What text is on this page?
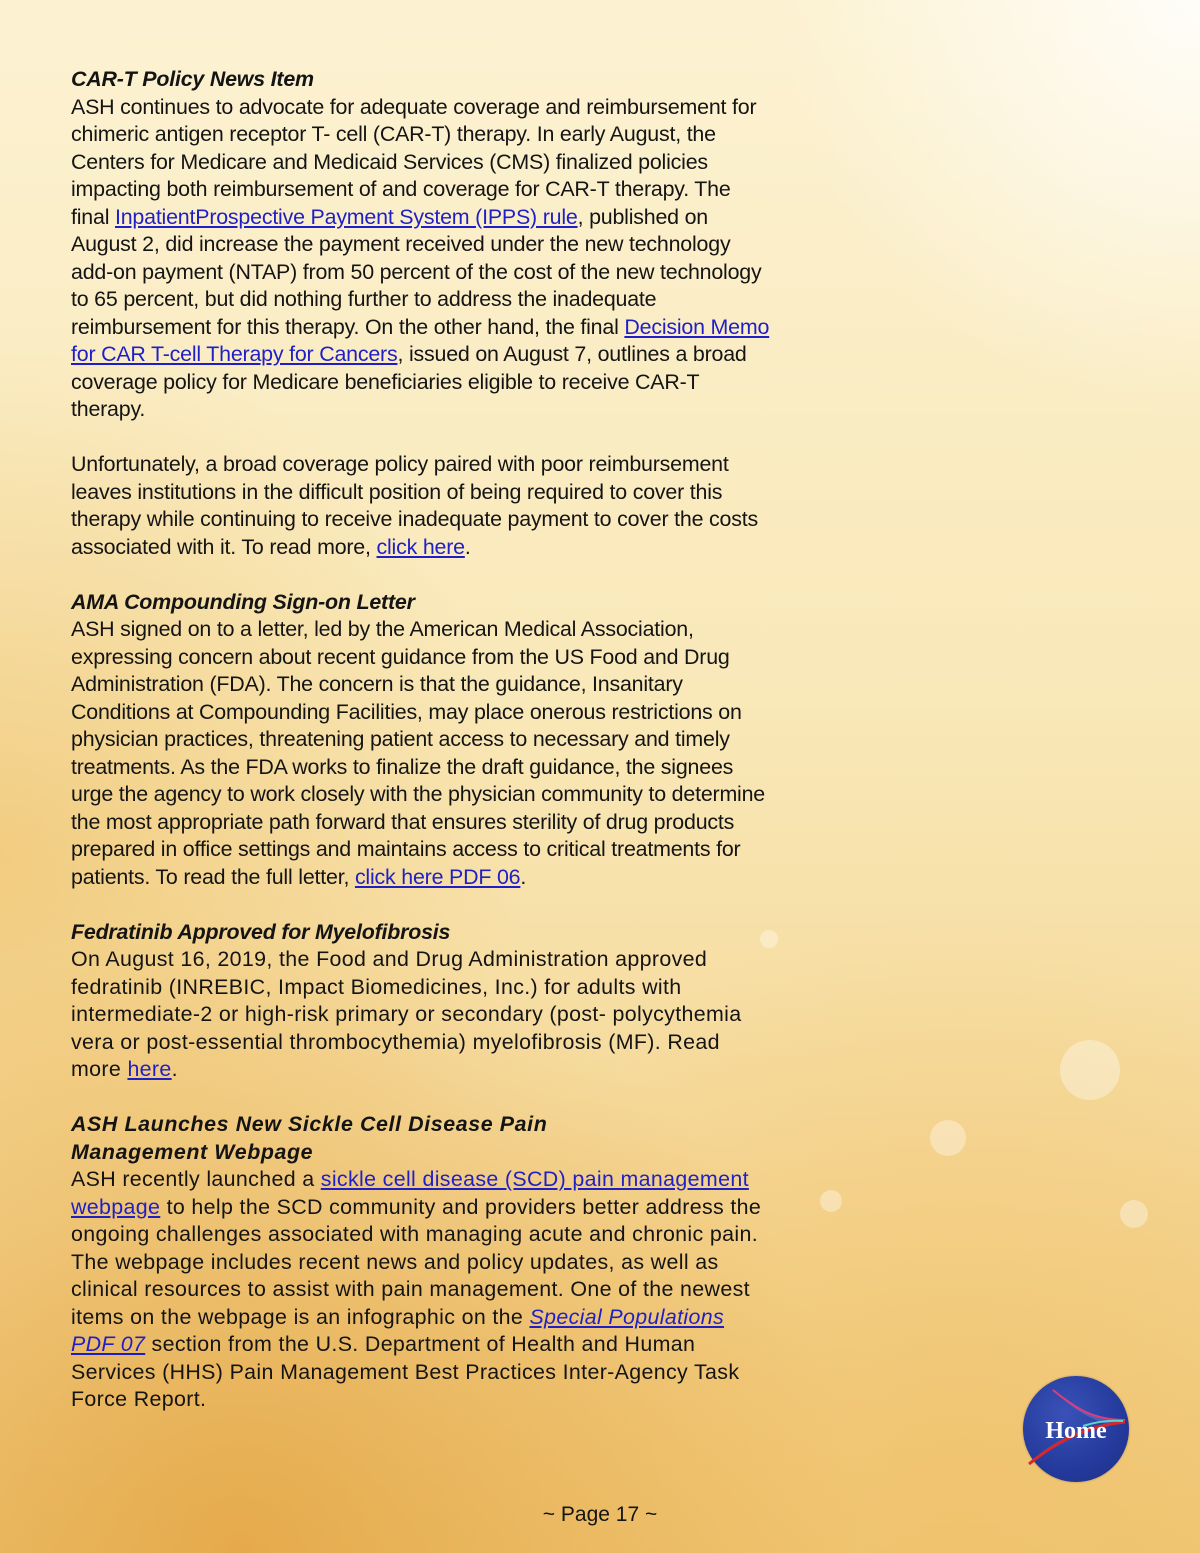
CAR-T Policy News Item

ASH continues to advocate for adequate coverage and reimbursement for chimeric antigen receptor T- cell (CAR-T) therapy. In early August, the Centers for Medicare and Medicaid Services (CMS) finalized policies impacting both reimbursement of and coverage for CAR-T therapy. The final InpatientProspective Payment System (IPPS) rule, published on August 2, did increase the payment received under the new technology add-on payment (NTAP) from 50 percent of the cost of the new technology to 65 percent, but did nothing further to address the inadequate reimbursement for this therapy. On the other hand, the final Decision Memo for CAR T-cell Therapy for Cancers, issued on August 7, outlines a broad coverage policy for Medicare beneficiaries eligible to receive CAR-T therapy.

Unfortunately, a broad coverage policy paired with poor reimbursement leaves institutions in the difficult position of being required to cover this therapy while continuing to receive inadequate payment to cover the costs associated with it. To read more, click here.

AMA Compounding Sign-on Letter

ASH signed on to a letter, led by the American Medical Association, expressing concern about recent guidance from the US Food and Drug Administration (FDA). The concern is that the guidance, Insanitary Conditions at Compounding Facilities, may place onerous restrictions on physician practices, threatening patient access to necessary and timely treatments. As the FDA works to finalize the draft guidance, the signees urge the agency to work closely with the physician community to determine the most appropriate path forward that ensures sterility of drug products prepared in office settings and maintains access to critical treatments for patients. To read the full letter, click here PDF 06.

Fedratinib Approved for Myelofibrosis

On August 16, 2019, the Food and Drug Administration approved fedratinib (INREBIC, Impact Biomedicines, Inc.) for adults with intermediate-2 or high-risk primary or secondary (post- polycythemia vera or post-essential thrombocythemia) myelofibrosis (MF). Read more here.

ASH Launches New Sickle Cell Disease Pain
Management Webpage

ASH recently launched a sickle cell disease (SCD) pain management webpage to help the SCD community and providers better address the ongoing challenges associated with managing acute and chronic pain. The webpage includes recent news and policy updates, as well as clinical resources to assist with pain management. One of the newest items on the webpage is an infographic on the Special Populations PDF 07 section from the U.S. Department of Health and Human Services (HHS) Pain Management Best Practices Inter-Agency Task Force Report.

Home
~ Page 17 ~
